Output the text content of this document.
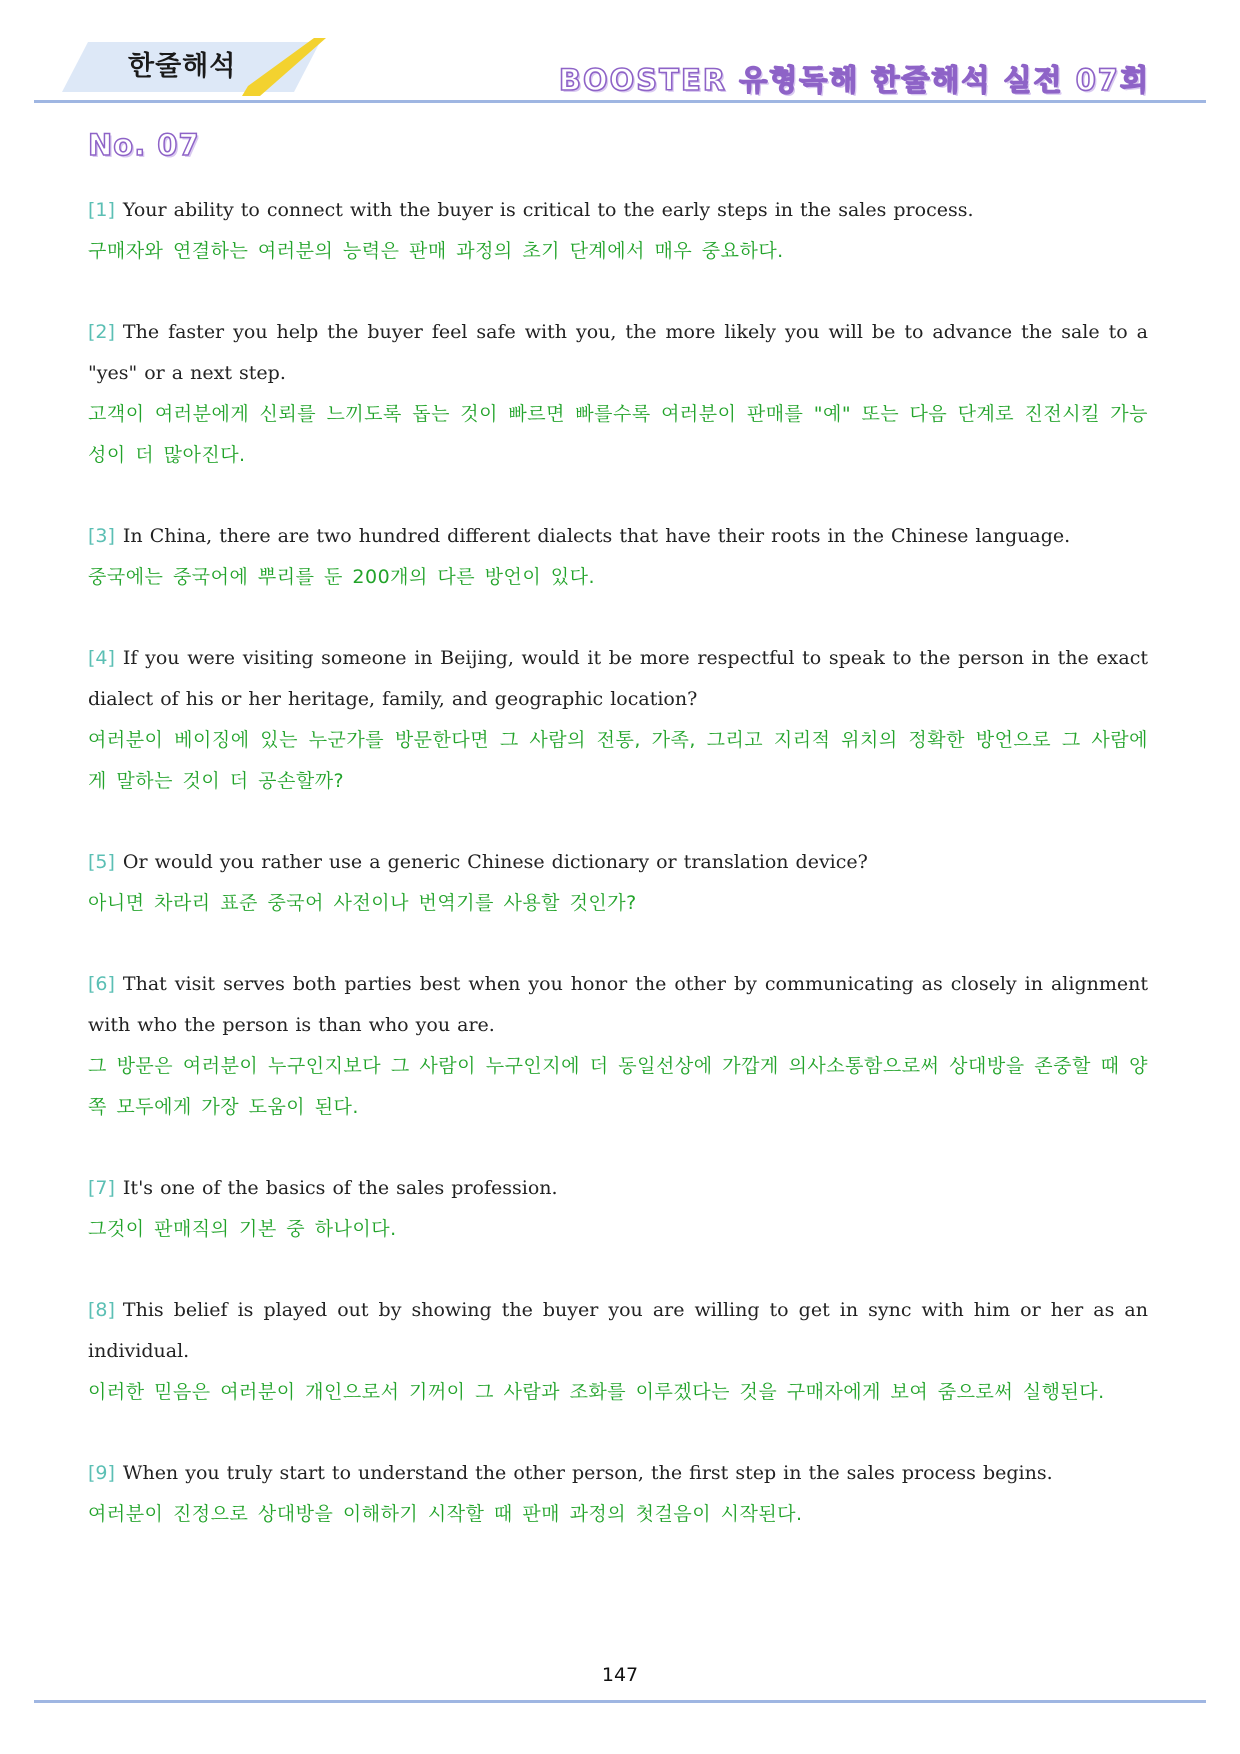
한줄해석	BOOSTER 유형독해 한줄해석 실전 07회
No. 07
[1] Your ability to connect with the buyer is critical to the early steps in the sales process.
구매자와 연결하는 여러분의 능력은 판매 과정의 초기 단계에서 매우 중요하다.
[2] The faster you help the buyer feel safe with you, the more likely you will be to advance the sale to a "yes" or a next step.
고객이 여러분에게 신뢰를 느끼도록 돕는 것이 빠르면 빠를수록 여러분이 판매를 "예" 또는 다음 단계로 진전시킬 가능성이 더 많아진다.
[3] In China, there are two hundred different dialects that have their roots in the Chinese language.
중국에는 중국어에 뿌리를 둔 200개의 다른 방언이 있다.
[4] If you were visiting someone in Beijing, would it be more respectful to speak to the person in the exact dialect of his or her heritage, family, and geographic location?
여러분이 베이징에 있는 누군가를 방문한다면 그 사람의 전통, 가족, 그리고 지리적 위치의 정확한 방언으로 그 사람에게 말하는 것이 더 공손할까?
[5] Or would you rather use a generic Chinese dictionary or translation device?
아니면 차라리 표준 중국어 사전이나 번역기를 사용할 것인가?
[6] That visit serves both parties best when you honor the other by communicating as closely in alignment with who the person is than who you are.
그 방문은 여러분이 누구인지보다 그 사람이 누구인지에 더 동일선상에 가깝게 의사소통함으로써 상대방을 존중할 때 양쪽 모두에게 가장 도움이 된다.
[7] It's one of the basics of the sales profession.
그것이 판매직의 기본 중 하나이다.
[8] This belief is played out by showing the buyer you are willing to get in sync with him or her as an individual.
이러한 믿음은 여러분이 개인으로서 기꺼이 그 사람과 조화를 이루겠다는 것을 구매자에게 보여 줌으로써 실행된다.
[9] When you truly start to understand the other person, the first step in the sales process begins.
여러분이 진정으로 상대방을 이해하기 시작할 때 판매 과정의 첫걸음이 시작된다.
147
